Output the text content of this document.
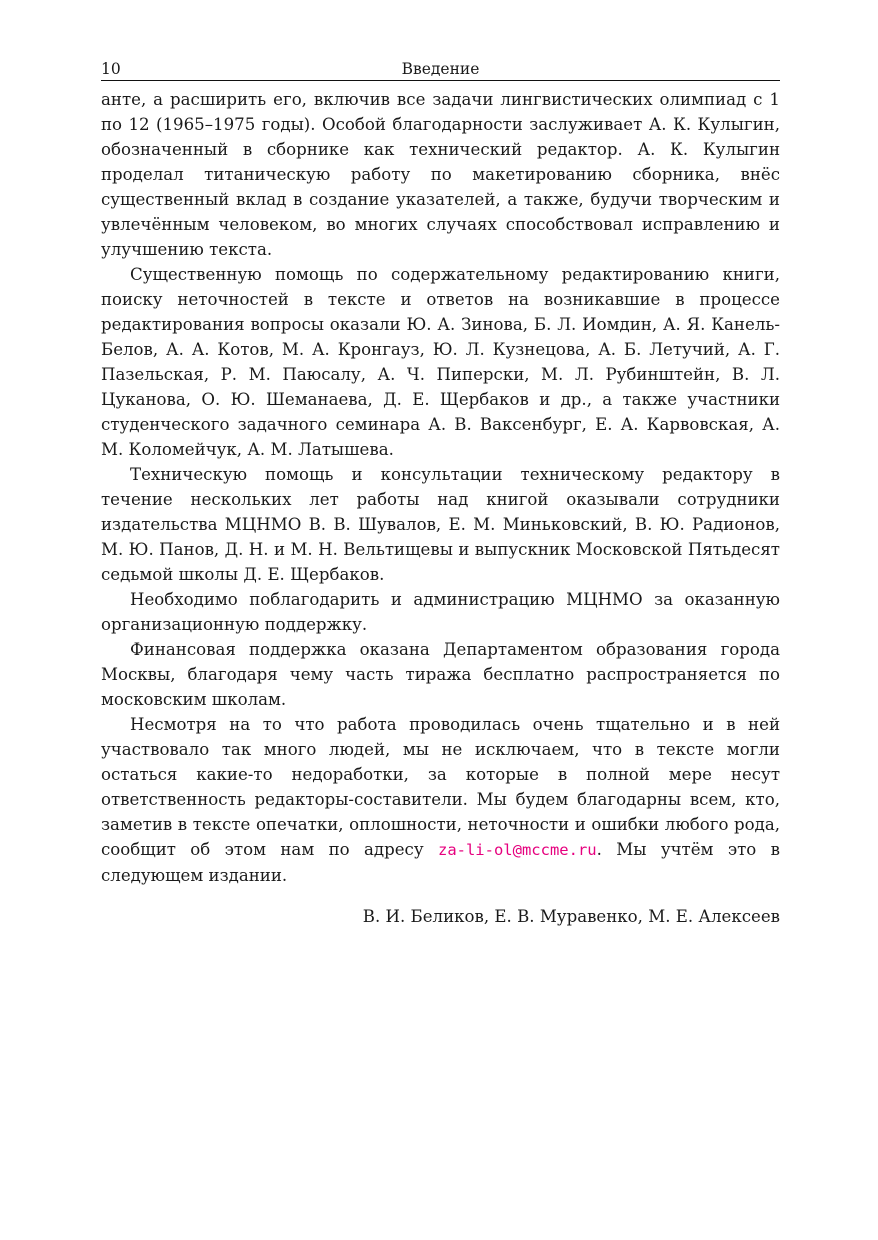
10	Введение

анте, а расширить его, включив все задачи лингвистических олимпиад с 1 по 12 (1965–1975 годы). Особой благодарности заслуживает А. К. Кулыгин, обозначенный в сборнике как технический редактор. А. К. Кулыгин проделал титаническую работу по макетированию сборника, внёс существенный вклад в создание указателей, а также, будучи творческим и увлечённым человеком, во многих случаях способствовал исправлению и улучшению текста.

Существенную помощь по содержательному редактированию книги, поиску неточностей в тексте и ответов на возникавшие в процессе редактирования вопросы оказали Ю. А. Зинова, Б. Л. Иомдин, А. Я. Канель-Белов, А. А. Котов, М. А. Кронгауз, Ю. Л. Кузнецова, А. Б. Летучий, А. Г. Пазельская, Р. М. Паюсалу, А. Ч. Пиперски, М. Л. Рубинштейн, В. Л. Цуканова, О. Ю. Шеманаева, Д. Е. Щербаков и др., а также участники студенческого задачного семинара А. В. Ваксенбург, Е. А. Карвовская, А. М. Коломейчук, А. М. Латышева.

Техническую помощь и консультации техническому редактору в течение нескольких лет работы над книгой оказывали сотрудники издательства МЦНМО В. В. Шувалов, Е. М. Миньковский, В. Ю. Радионов, М. Ю. Панов, Д. Н. и М. Н. Вельтищевы и выпускник Московской Пятьдесят седьмой школы Д. Е. Щербаков.

Необходимо поблагодарить и администрацию МЦНМО за оказанную организационную поддержку.

Финансовая поддержка оказана Департаментом образования города Москвы, благодаря чему часть тиража бесплатно распространяется по московским школам.

Несмотря на то что работа проводилась очень тщательно и в ней участвовало так много людей, мы не исключаем, что в тексте могли остаться какие-то недоработки, за которые в полной мере несут ответственность редакторы-составители. Мы будем благодарны всем, кто, заметив в тексте опечатки, оплошности, неточности и ошибки любого рода, сообщит об этом нам по адресу za-li-ol@mccme.ru. Мы учтём это в следующем издании.

В. И. Беликов, Е. В. Муравенко, М. Е. Алексеев
